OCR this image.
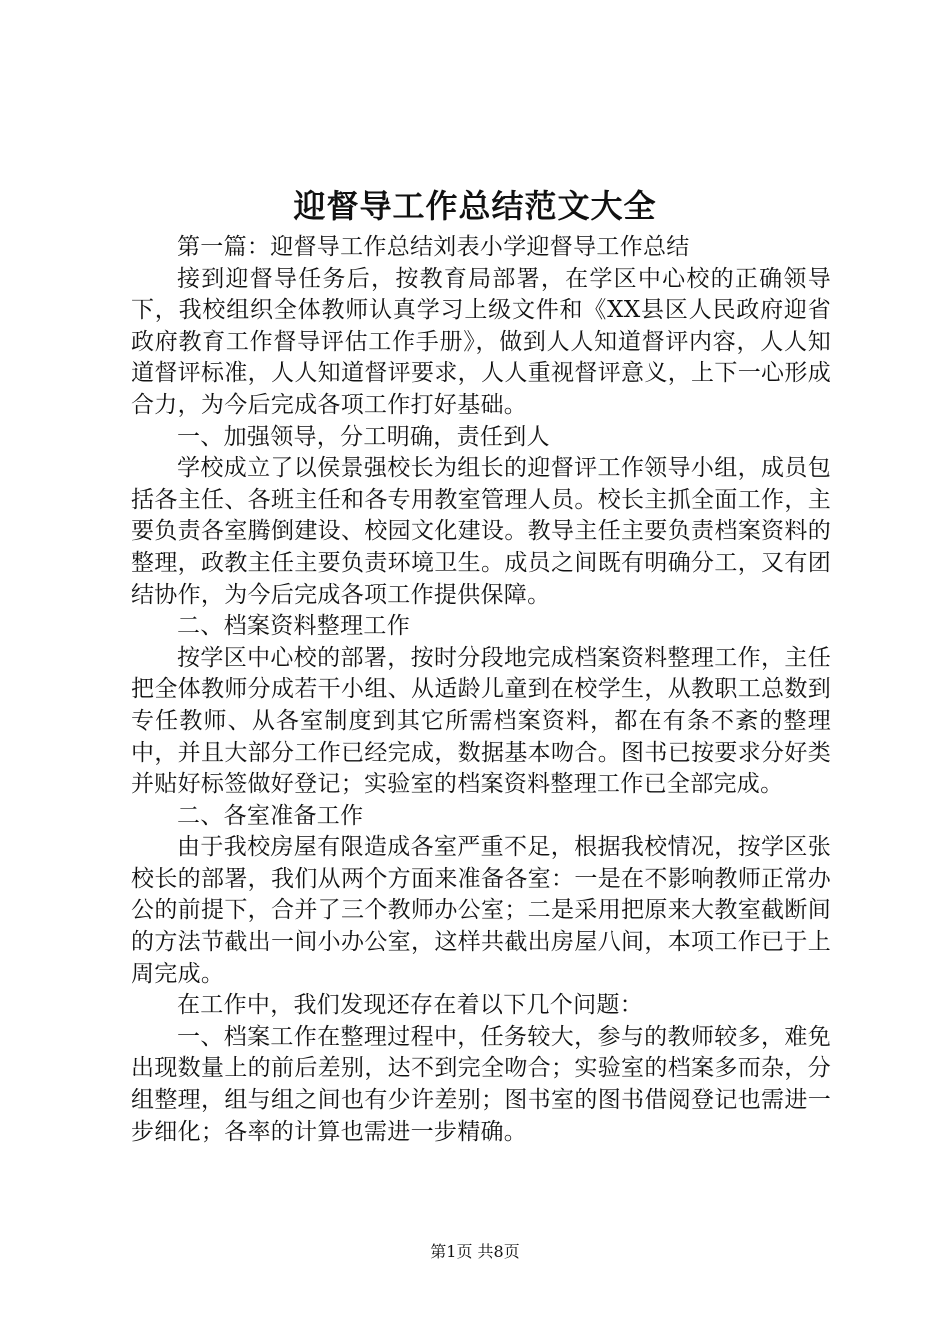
迎督导工作总结范文大全

第一篇：迎督导工作总结刘表小学迎督导工作总结

接到迎督导任务后，按教育局部署，在学区中心校的正确领导下，我校组织全体教师认真学习上级文件和《XX县区人民政府迎省政府教育工作督导评估工作手册》，做到人人知道督评内容，人人知道督评标准，人人知道督评要求，人人重视督评意义，上下一心形成合力，为今后完成各项工作打好基础。

一、加强领导，分工明确，责任到人

学校成立了以侯景强校长为组长的迎督评工作领导小组，成员包括各主任、各班主任和各专用教室管理人员。校长主抓全面工作，主要负责各室腾倒建设、校园文化建设。教导主任主要负责档案资料的整理，政教主任主要负责环境卫生。成员之间既有明确分工，又有团结协作，为今后完成各项工作提供保障。

二、档案资料整理工作

按学区中心校的部署，按时分段地完成档案资料整理工作，主任把全体教师分成若干小组、从适龄儿童到在校学生，从教职工总数到专任教师、从各室制度到其它所需档案资料，都在有条不紊的整理中，并且大部分工作已经完成，数据基本吻合。图书已按要求分好类并贴好标签做好登记；实验室的档案资料整理工作已全部完成。

二、各室准备工作

由于我校房屋有限造成各室严重不足，根据我校情况，按学区张校长的部署，我们从两个方面来准备各室：一是在不影响教师正常办公的前提下，合并了三个教师办公室；二是采用把原来大教室截断间的方法节截出一间小办公室，这样共截出房屋八间，本项工作已于上周完成。

在工作中，我们发现还存在着以下几个问题：

一、档案工作在整理过程中，任务较大，参与的教师较多，难免出现数量上的前后差别，达不到完全吻合；实验室的档案多而杂，分组整理，组与组之间也有少许差别；图书室的图书借阅登记也需进一步细化；各率的计算也需进一步精确。

第1页 共8页
